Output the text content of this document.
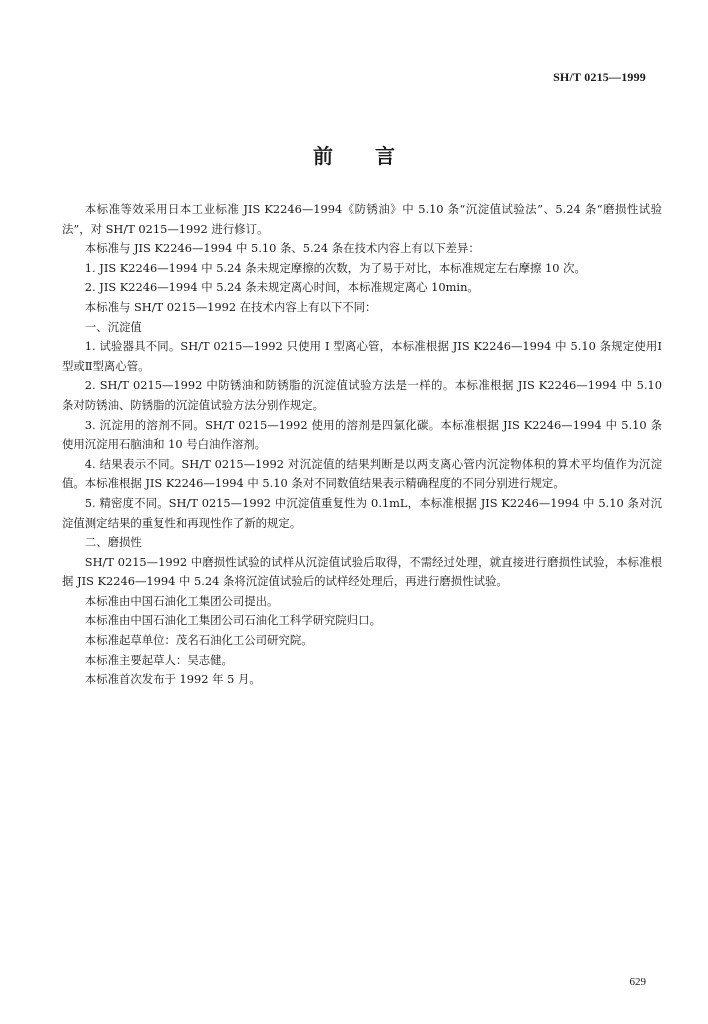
SH/T 0215—1999
前言

本标准等效采用日本工业标准 JIS K2246—1994《防锈油》中 5.10 条“沉淀值试验法”、5.24 条“磨损性试验法”，对 SH/T 0215—1992 进行修订。

本标准与 JIS K2246—1994 中 5.10 条、5.24 条在技术内容上有以下差异：

1. JIS K2246—1994 中 5.24 条未规定摩擦的次数，为了易于对比，本标准规定左右摩擦 10 次。

2. JIS K2246—1994 中 5.24 条未规定离心时间，本标准规定离心 10min。

本标准与 SH/T 0215—1992 在技术内容上有以下不同：

一、沉淀值

1. 试验器具不同。SH/T 0215—1992 只使用 I 型离心管，本标准根据 JIS K2246—1994 中 5.10 条规定使用Ⅰ型或Ⅱ型离心管。

2. SH/T 0215—1992 中防锈油和防锈脂的沉淀值试验方法是一样的。本标准根据 JIS K2246—1994 中 5.10 条对防锈油、防锈脂的沉淀值试验方法分别作规定。

3. 沉淀用的溶剂不同。SH/T 0215—1992 使用的溶剂是四氯化碳。本标准根据 JIS K2246—1994 中 5.10 条使用沉淀用石脑油和 10 号白油作溶剂。

4. 结果表示不同。SH/T 0215—1992 对沉淀值的结果判断是以两支离心管内沉淀物体积的算术平均值作为沉淀值。本标准根据 JIS K2246—1994 中 5.10 条对不同数值结果表示精确程度的不同分别进行规定。

5. 精密度不同。SH/T 0215—1992 中沉淀值重复性为 0.1mL，本标准根据 JIS K2246—1994 中 5.10 条对沉淀值测定结果的重复性和再现性作了新的规定。

二、磨损性

SH/T 0215—1992 中磨损性试验的试样从沉淀值试验后取得，不需经过处理，就直接进行磨损性试验，本标准根据 JIS K2246—1994 中 5.24 条将沉淀值试验后的试样经处理后，再进行磨损性试验。

本标准由中国石油化工集团公司提出。

本标准由中国石油化工集团公司石油化工科学研究院归口。

本标准起草单位：茂名石油化工公司研究院。

本标准主要起草人：吴志健。

本标准首次发布于 1992 年 5 月。

629
